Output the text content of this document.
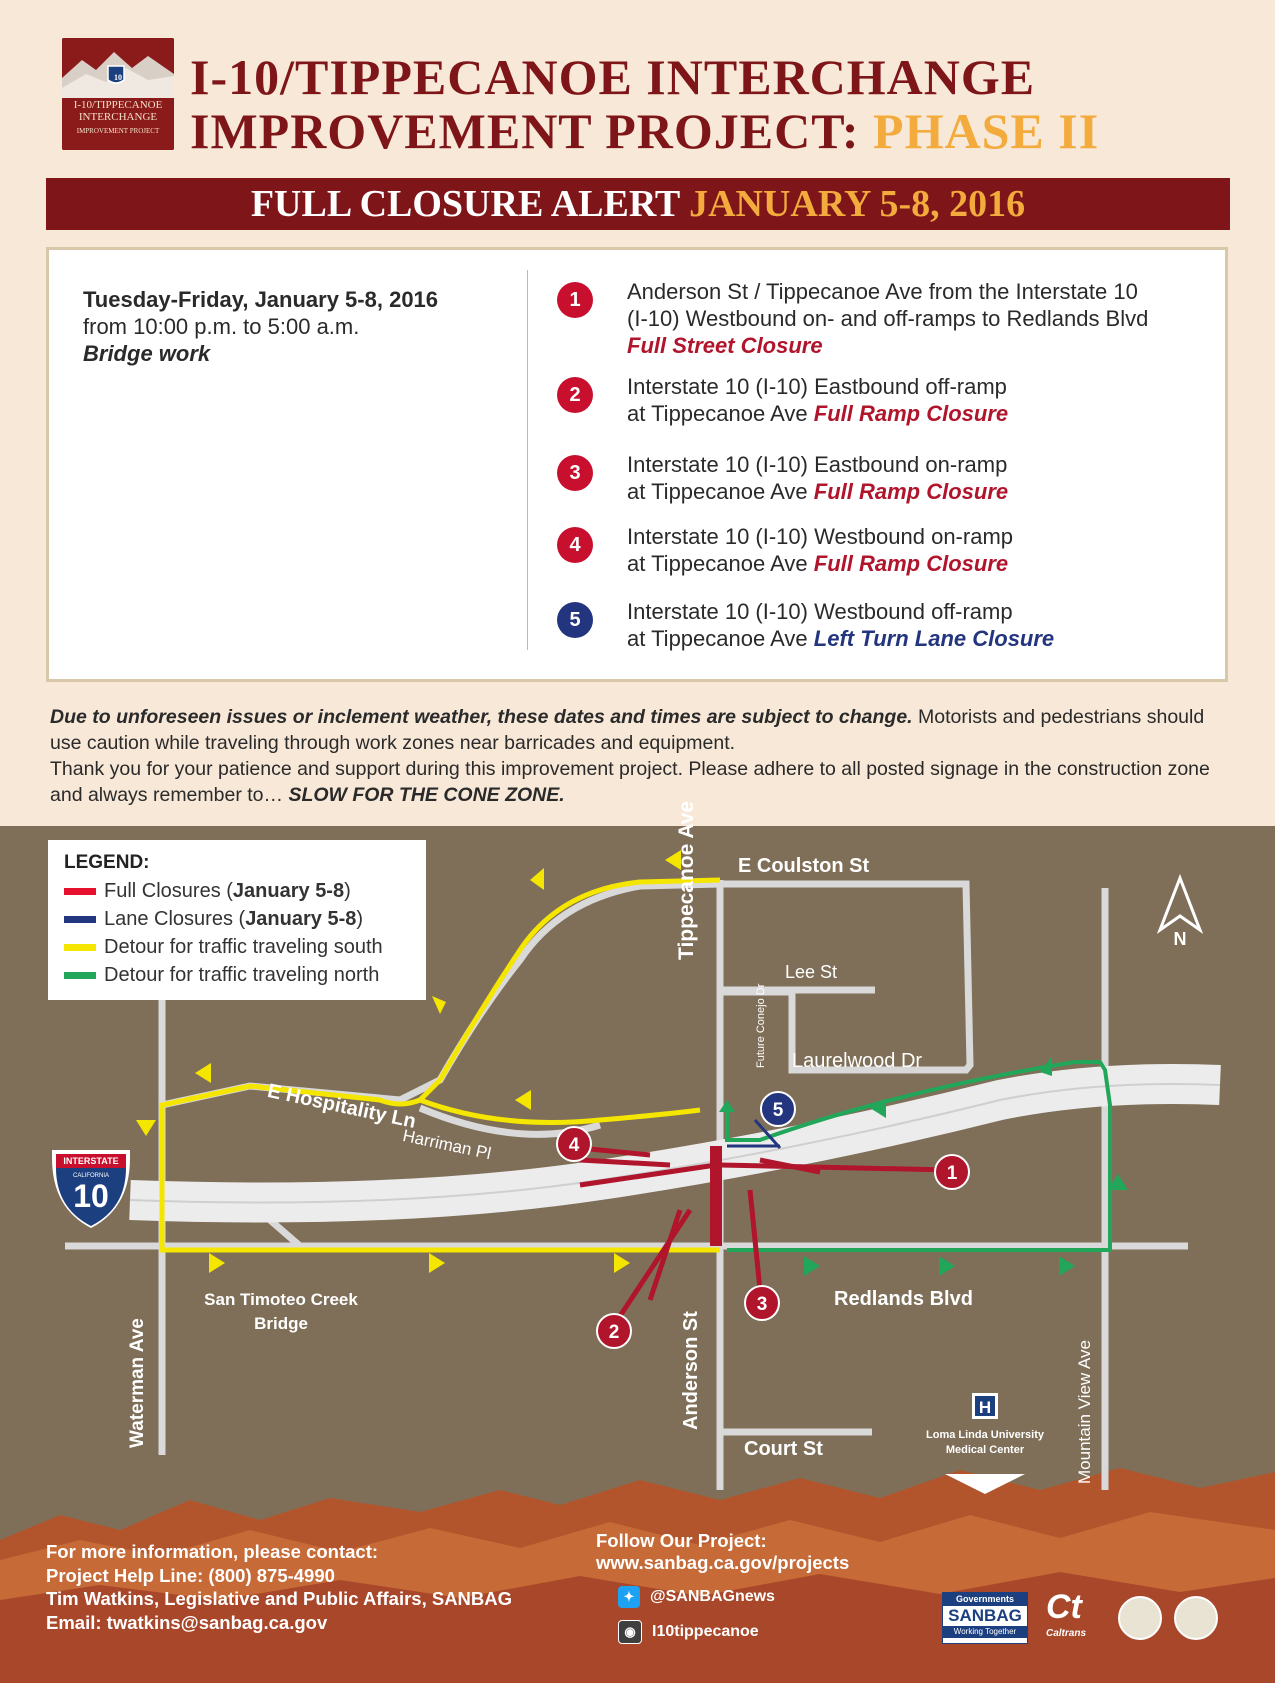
10
I-10/TIPPECANOE
INTERCHANGE
IMPROVEMENT PROJECT
I-10/TIPPECANOE INTERCHANGE
IMPROVEMENT PROJECT: PHASE II
FULL CLOSURE ALERT JANUARY 5-8, 2016
Tuesday-Friday, January 5-8, 2016
from 10:00 p.m. to 5:00 a.m.
Bridge work
1	Anderson St / Tippecanoe Ave from the Interstate 10
(I-10) Westbound on- and off-ramps to Redlands Blvd
Full Street Closure
2	Interstate 10 (I-10) Eastbound off-ramp
at Tippecanoe Ave Full Ramp Closure
3	Interstate 10 (I-10) Eastbound on-ramp
at Tippecanoe Ave Full Ramp Closure
4	Interstate 10 (I-10) Westbound on-ramp
at Tippecanoe Ave Full Ramp Closure
5	Interstate 10 (I-10) Westbound off-ramp
at Tippecanoe Ave Left Turn Lane Closure
Due to unforeseen issues or inclement weather, these dates and times are subject to change. Motorists and pedestrians should use caution while traveling through work zones near barricades and equipment.
Thank you for your patience and support during this improvement project. Please adhere to all posted signage in the construction zone and always remember to… SLOW FOR THE CONE ZONE.
1
2
3
4
5
INTERSTATE
CALIFORNIA
10
N
H
E Coulston St
Tippecanoe Ave
Lee St
Future Conejo Dr Laurelwood Dr
E Hospitality Ln
Harriman Pl
Redlands Blvd
Waterman Ave	Anderson St
Court St	Mountain View Ave
San Timoteo Creek
Bridge
Loma Linda University
Medical Center
LEGEND:
Full Closures (January 5-8)
Lane Closures (January 5-8)
Detour for traffic traveling south
Detour for traffic traveling north
For more information, please contact:
Project Help Line: (800) 875-4990
Tim Watkins, Legislative and Public Affairs, SANBAG
Email: twatkins@sanbag.ca.gov
Follow Our Project:
www.sanbag.ca.gov/projects
✦ @SANBAGnews
◉ I10tippecanoe
Governments
SANBAG
Working Together
Ct
Caltrans
